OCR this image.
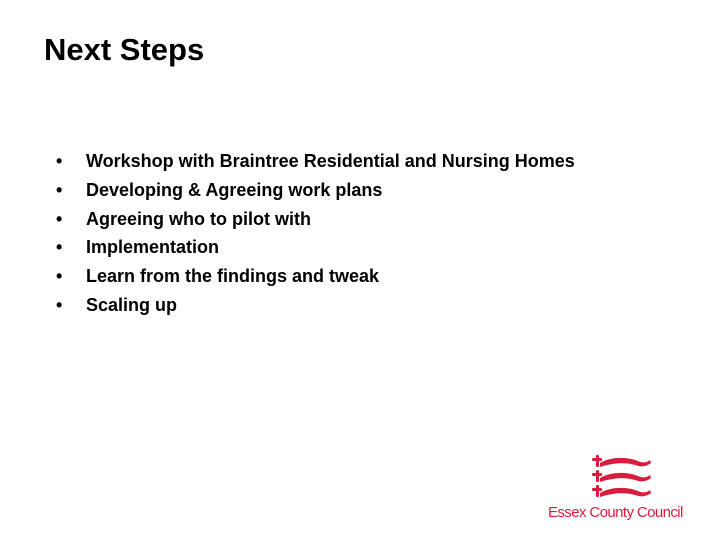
Next Steps
•	Workshop with Braintree Residential and Nursing Homes
•	Developing & Agreeing work plans
•	Agreeing who to pilot with
•	Implementation
•	Learn from the findings and tweak
•	Scaling up
Essex County Council
